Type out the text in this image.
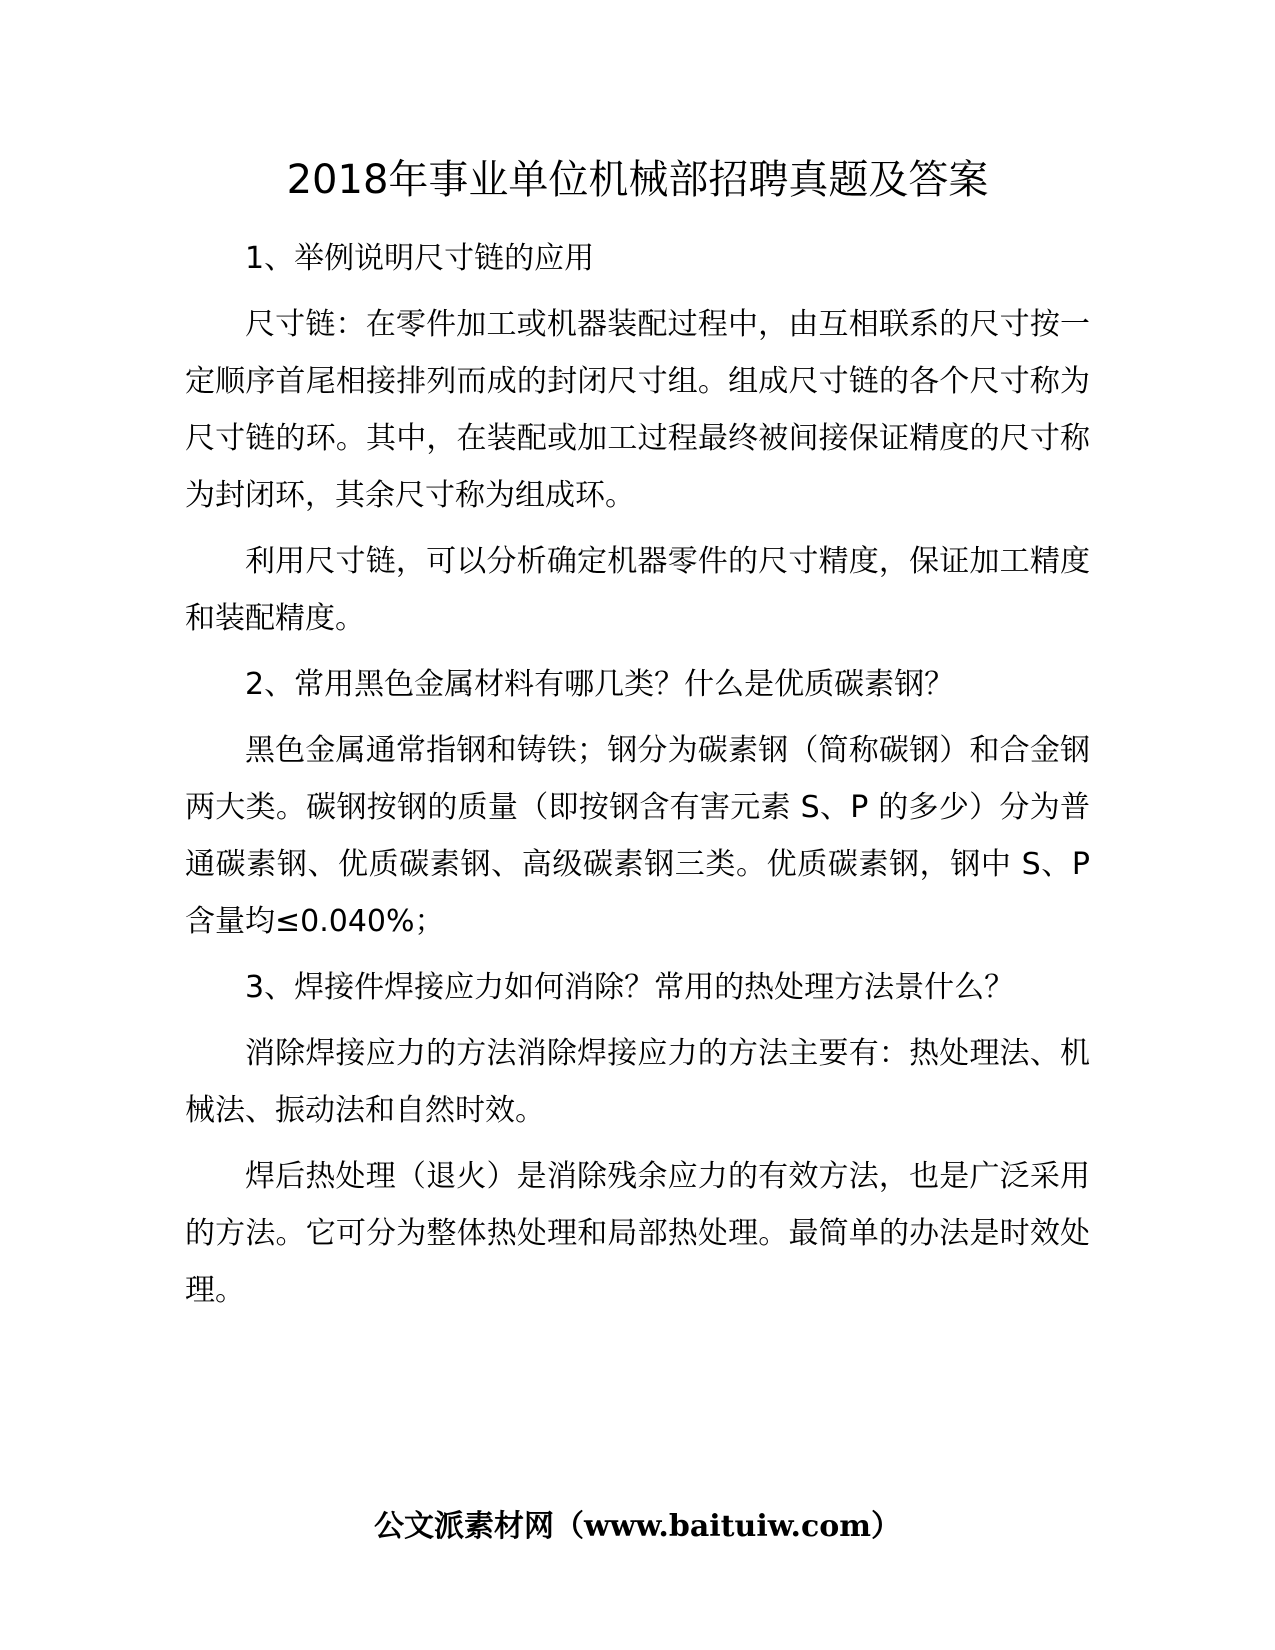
2018年事业单位机械部招聘真题及答案

1、举例说明尺寸链的应用

尺寸链：在零件加工或机器装配过程中，由互相联系的尺寸按一定顺序首尾相接排列而成的封闭尺寸组。组成尺寸链的各个尺寸称为尺寸链的环。其中，在装配或加工过程最终被间接保证精度的尺寸称为封闭环，其余尺寸称为组成环。

利用尺寸链，可以分析确定机器零件的尺寸精度，保证加工精度和装配精度。

2、常用黑色金属材料有哪几类？什么是优质碳素钢？

黑色金属通常指钢和铸铁；钢分为碳素钢（简称碳钢）和合金钢两大类。碳钢按钢的质量（即按钢含有害元素 S、P 的多少）分为普通碳素钢、优质碳素钢、高级碳素钢三类。优质碳素钢，钢中 S、P 含量均≤0.040%；

3、焊接件焊接应力如何消除？常用的热处理方法景什么？

消除焊接应力的方法消除焊接应力的方法主要有：热处理法、机械法、振动法和自然时效。

焊后热处理（退火）是消除残余应力的有效方法，也是广泛采用的方法。它可分为整体热处理和局部热处理。最简单的办法是时效处理。

公文派素材网（www.baituiw.com）
